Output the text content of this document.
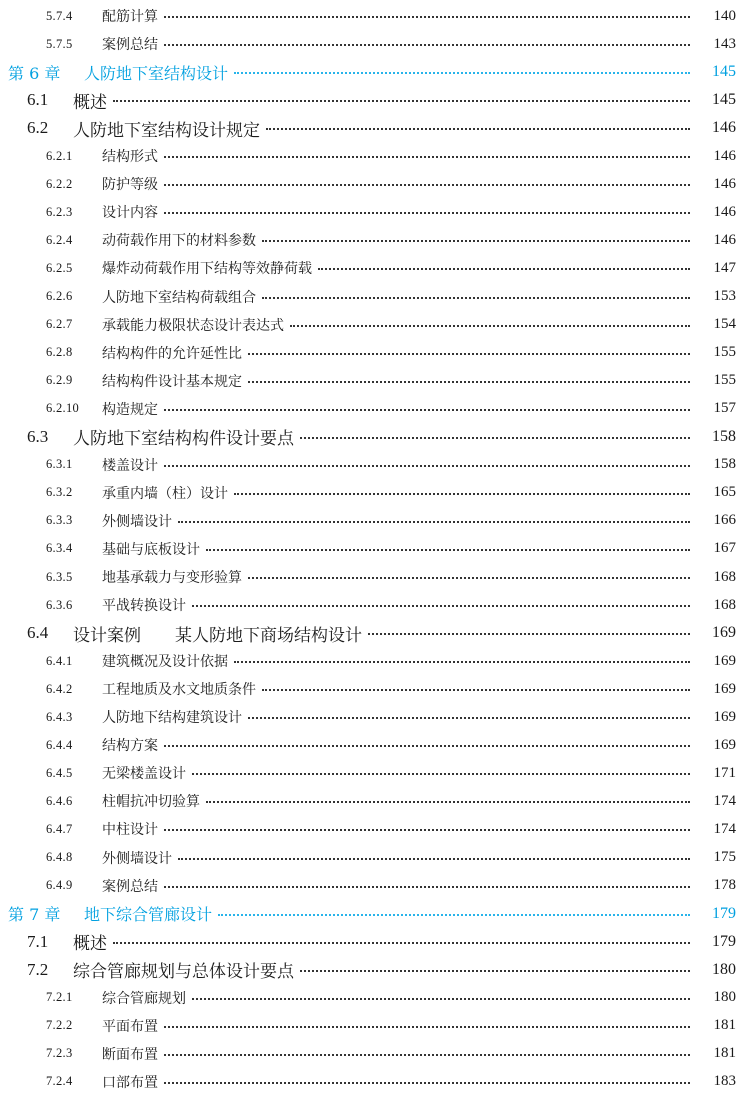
5.7.4	配筋计算	140
5.7.5	案例总结	143
第 6 章	人防地下室结构设计	145
6.1	概述	145
6.2	人防地下室结构设计规定	146
6.2.1	结构形式	146
6.2.2	防护等级	146
6.2.3	设计内容	146
6.2.4	动荷载作用下的材料参数	146
6.2.5	爆炸动荷载作用下结构等效静荷载	147
6.2.6	人防地下室结构荷载组合	153
6.2.7	承载能力极限状态设计表达式	154
6.2.8	结构构件的允许延性比	155
6.2.9	结构构件设计基本规定	155
6.2.10	构造规定	157
6.3	人防地下室结构构件设计要点	158
6.3.1	楼盖设计	158
6.3.2	承重内墙（柱）设计	165
6.3.3	外侧墙设计	166
6.3.4	基础与底板设计	167
6.3.5	地基承载力与变形验算	168
6.3.6	平战转换设计	168
6.4	设计案例　　某人防地下商场结构设计	169
6.4.1	建筑概况及设计依据	169
6.4.2	工程地质及水文地质条件	169
6.4.3	人防地下结构建筑设计	169
6.4.4	结构方案	169
6.4.5	无梁楼盖设计	171
6.4.6	柱帽抗冲切验算	174
6.4.7	中柱设计	174
6.4.8	外侧墙设计	175
6.4.9	案例总结	178
第 7 章	地下综合管廊设计	179
7.1	概述	179
7.2	综合管廊规划与总体设计要点	180
7.2.1	综合管廊规划	180
7.2.2	平面布置	181
7.2.3	断面布置	181
7.2.4	口部布置	183
